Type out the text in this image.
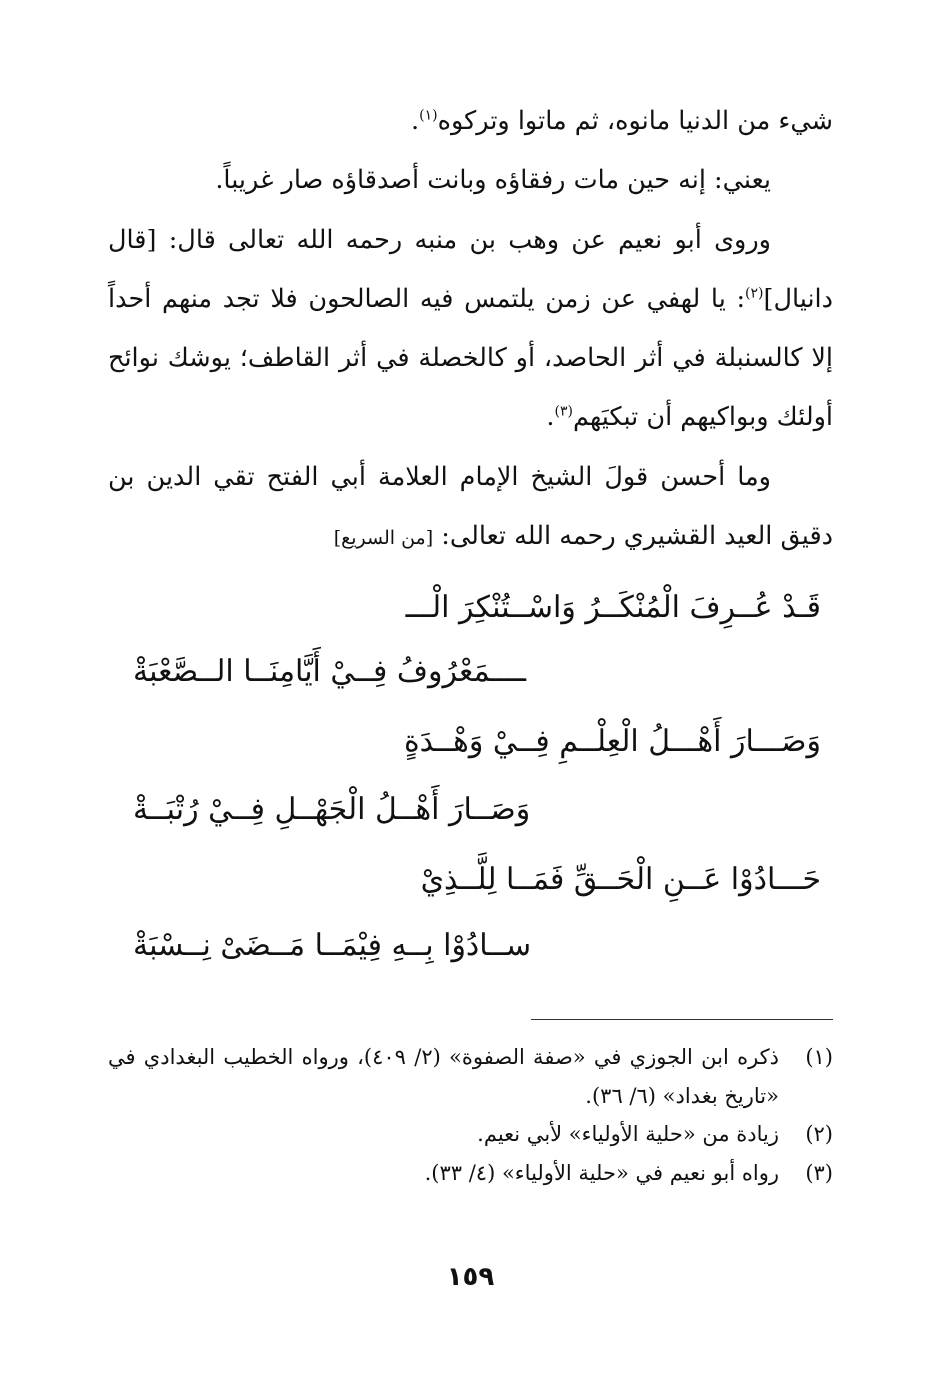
شيء من الدنيا مانوه، ثم ماتوا وتركوه$^{(١)}$.

يعني: إنه حين مات رفقاؤه وبانت أصدقاؤه صار غريباً.

وروى أبو نعيم عن وهب بن منبه رحمه الله تعالى قال: [قال دانيال]$^{(٢)}$: يا لهفي عن زمن يلتمس فيه الصالحون فلا تجد منهم أحداً إلا كالسنبلة في أثر الحاصد، أو كالخصلة في أثر القاطف؛ يوشك نوائح أولئك وبواكيهم أن تبكيَهم$^{(٣)}$.

وما أحسن قولَ الشيخ الإمام العلامة أبي الفتح تقي الدين بن دقيق العيد القشيري رحمه الله تعالى: [من السريع]

قَـدْ عُــرِفَ الْمُنْكَــرُ وَاسْــتُنْكِرَ الْـــ
ــــمَعْرُوفُ فِــيْ أَيَّامِنَــا الــصَّعْبَةْ
وَصَـــارَ أَهْـــلُ الْعِلْــمِ فِــيْ وَهْــدَةٍ
وَصَــارَ أَهْــلُ الْجَهْــلِ فِــيْ رُتْبَــةْ
حَـــادُوْا عَــنِ الْحَــقِّ فَمَــا لِلَّــذِيْ
ســادُوْا بِــهِ فِيْمَــا مَــضَىْ نِــسْبَةْ

(١)
ذكره ابن الجوزي في «صفة الصفوة» (٢/ ٤٠٩)، ورواه الخطيب البغدادي في «تاريخ بغداد» (٦/ ٣٦).

(٢)
زيادة من «حلية الأولياء» لأبي نعيم.

(٣)
رواه أبو نعيم في «حلية الأولياء» (٤/ ٣٣).

١٥٩
